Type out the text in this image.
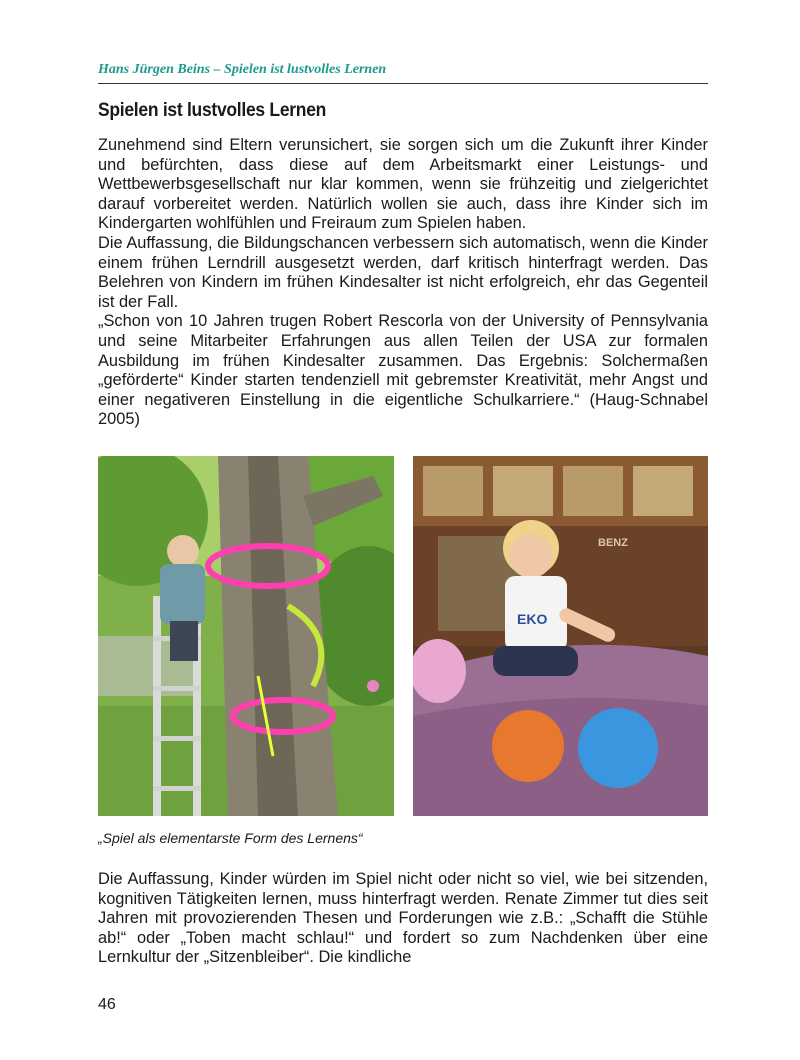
Hans Jürgen Beins – Spielen ist lustvolles Lernen
Spielen ist lustvolles Lernen

Zunehmend sind Eltern verunsichert, sie sorgen sich um die Zukunft ihrer Kinder und befürchten, dass diese auf dem Arbeitsmarkt einer Leistungs- und Wettbewerbsgesellschaft nur klar kommen, wenn sie frühzeitig und zielgerichtet darauf vorbereitet werden. Natürlich wollen sie auch, dass ihre Kinder sich im Kindergarten wohlfühlen und Freiraum zum Spielen haben.

Die Auffassung, die Bildungschancen verbessern sich automatisch, wenn die Kinder einem frühen Lerndrill ausgesetzt werden, darf kritisch hinterfragt werden. Das Belehren von Kindern im frühen Kindesalter ist nicht erfolgreich, ehr das Gegenteil ist der Fall.

„Schon von 10 Jahren trugen Robert Rescorla von der University of Pennsylvania und seine Mitarbeiter Erfahrungen aus allen Teilen der USA zur formalen Ausbildung im frühen Kindesalter zusammen. Das Ergebnis: Solchermaßen „geförderte“ Kinder starten tendenziell mit gebremster Kreativität, mehr Angst und einer negativeren Einstellung in die eigentliche Schulkarriere.“ (Haug-Schnabel 2005)

BENZ
EKO
„Spiel als elementarste Form des Lernens“

Die Auffassung, Kinder würden im Spiel nicht oder nicht so viel, wie bei sitzenden, kognitiven Tätigkeiten lernen, muss hinterfragt werden. Renate Zimmer tut dies seit Jahren mit provozierenden Thesen und Forderungen wie z.B.: „Schafft die Stühle ab!“ oder „Toben macht schlau!“ und fordert so zum Nachdenken über eine Lernkultur der „Sitzenbleiber“. Die kindliche

46
